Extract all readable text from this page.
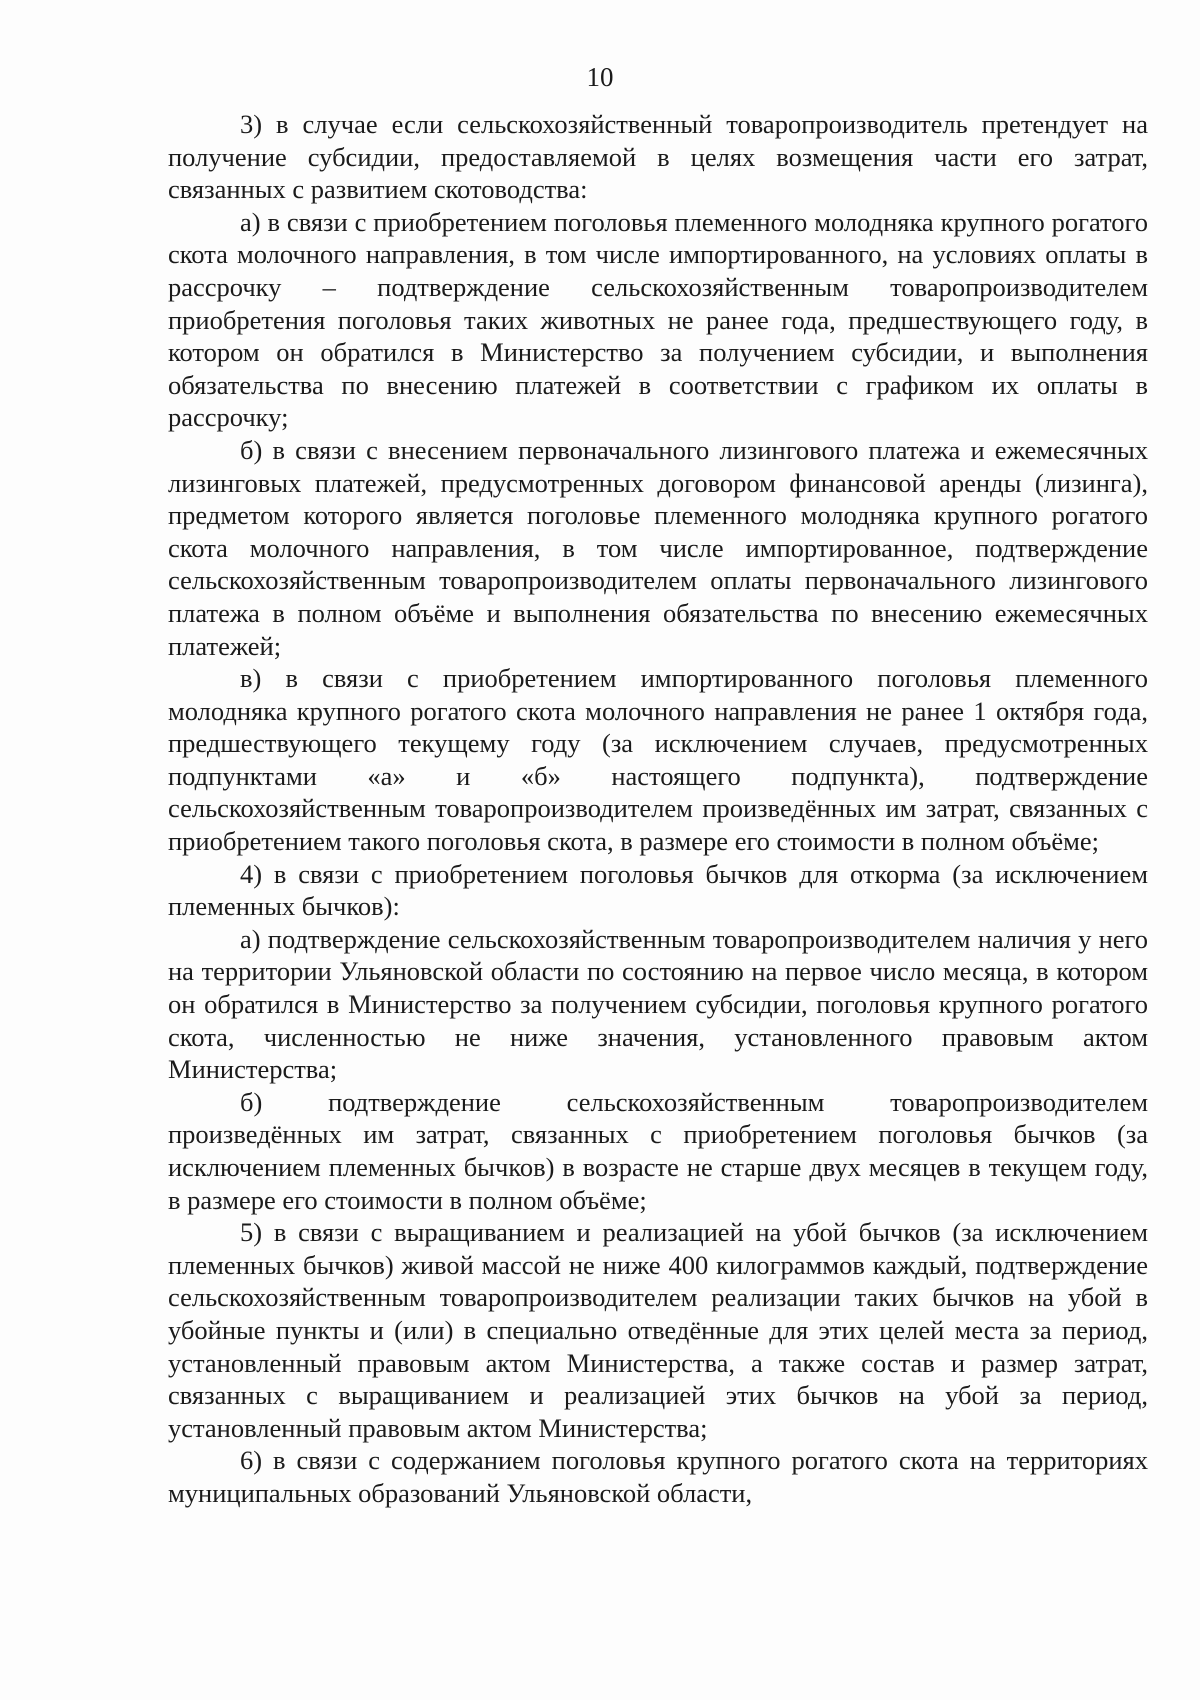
10

3) в случае если сельскохозяйственный товаропроизводитель претендует на получение субсидии, предоставляемой в целях возмещения части его затрат, связанных с развитием скотоводства:

а) в связи с приобретением поголовья племенного молодняка крупного рогатого скота молочного направления, в том числе импортированного, на условиях оплаты в рассрочку – подтверждение сельскохозяйственным товаропроизводителем приобретения поголовья таких животных не ранее года, предшествующего году, в котором он обратился в Министерство за получением субсидии, и выполнения обязательства по внесению платежей в соответствии с графиком их оплаты в рассрочку;

б) в связи с внесением первоначального лизингового платежа и ежемесячных лизинговых платежей, предусмотренных договором финансовой аренды (лизинга), предметом которого является поголовье племенного молодняка крупного рогатого скота молочного направления, в том числе импортированное, подтверждение сельскохозяйственным товаропроизводителем оплаты первоначального лизингового платежа в полном объёме и выполнения обязательства по внесению ежемесячных платежей;

в) в связи с приобретением импортированного поголовья племенного молодняка крупного рогатого скота молочного направления не ранее 1 октября года, предшествующего текущему году (за исключением случаев, предусмотренных подпунктами «а» и «б» настоящего подпункта), подтверждение сельскохозяйственным товаропроизводителем произведённых им затрат, связанных с приобретением такого поголовья скота, в размере его стоимости в полном объёме;

4) в связи с приобретением поголовья бычков для откорма (за исключением племенных бычков):

а) подтверждение сельскохозяйственным товаропроизводителем наличия у него на территории Ульяновской области по состоянию на первое число месяца, в котором он обратился в Министерство за получением субсидии, поголовья крупного рогатого скота, численностью не ниже значения, установленного правовым актом Министерства;

б) подтверждение сельскохозяйственным товаропроизводителем произведённых им затрат, связанных с приобретением поголовья бычков (за исключением племенных бычков) в возрасте не старше двух месяцев в текущем году, в размере его стоимости в полном объёме;

5) в связи с выращиванием и реализацией на убой бычков (за исключением племенных бычков) живой массой не ниже 400 килограммов каждый, подтверждение сельскохозяйственным товаропроизводителем реализации таких бычков на убой в убойные пункты и (или) в специально отведённые для этих целей места за период, установленный правовым актом Министерства, а также состав и размер затрат, связанных с выращиванием и реализацией этих бычков на убой за период, установленный правовым актом Министерства;

6) в связи с содержанием поголовья крупного рогатого скота на территориях муниципальных образований Ульяновской области,
